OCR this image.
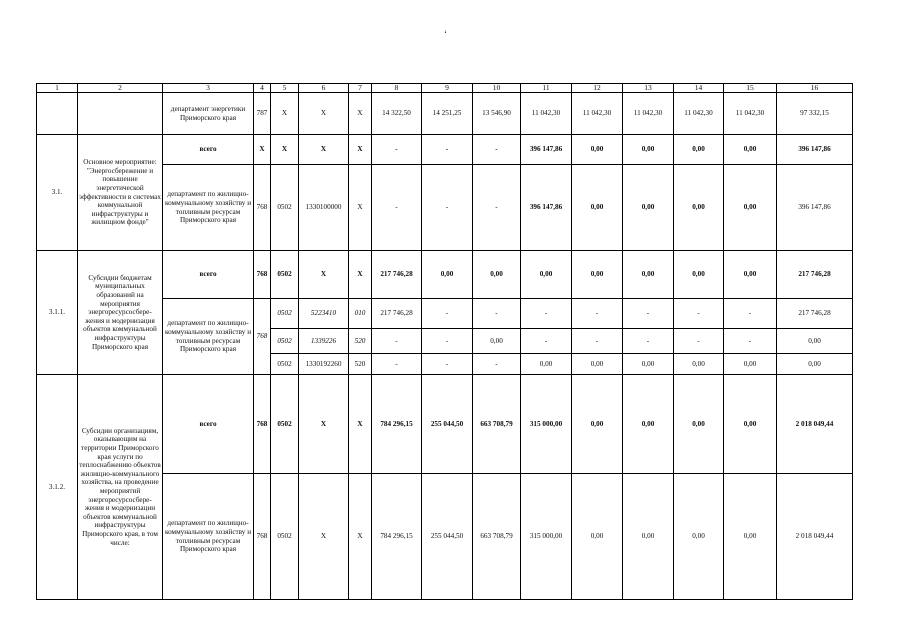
‘
1	2	3	4	5	6	7	8	9	10	11	12	13	14	15	16
		департамент энергетики Приморского края	787	X	X	X	14 322,50	14 251,25	13 546,90	11 042,30	11 042,30	11 042,30	11 042,30	11 042,30	97 332,15
3.1.	Основное мероприятие: "Энергосбережение и повышение энергетической эффективности в системах коммунальной инфраструктуры и жилищном фонде"	всего	X	X	X	X	-	-	-	396 147,86	0,00	0,00	0,00	0,00	396 147,86
		департамент по жилищно-коммунальному хозяйству и топливным ресурсам Приморского края	768	0502	1330100000	X	-	-	-	396 147,86	0,00	0,00	0,00	0,00	396 147,86
3.1.1.	Субсидии бюджетам муниципальных образований на мероприятия энергоресурсосбере-жения и модернизация объектов коммунальной инфраструктуры Приморского края	всего	768	0502	X	X	217 746,28	0,00	0,00	0,00	0,00	0,00	0,00	0,00	217 746,28
		департамент по жилищно-коммунальному хозяйству и топливным ресурсам Приморского края	768	0502	5223410	010	217 746,28	-	-	-	-	-	-	-	217 746,28
				0502	1339226	520	-	-	0,00	-	-	-	-	-	0,00
				0502	1330192260	520	-	-	-	0,00	0,00	0,00	0,00	0,00	0,00
3.1.2.	Субсидии организациям, оказывающим на территории Приморского края услуги по теплоснабжению объектов жилищно-коммунального хозяйства, на проведение мероприятий энергоресурсосбере-жения и модернизации объектов коммунальной инфраструктуры Приморского края, в том числе:	всего	768	0502	X	X	784 296,15	255 044,50	663 708,79	315 000,00	0,00	0,00	0,00	0,00	2 018 049,44
		департамент по жилищно-коммунальному хозяйству и топливным ресурсам Приморского края	768	0502	X	X	784 296,15	255 044,50	663 708,79	315 000,00	0,00	0,00	0,00	0,00	2 018 049,44
